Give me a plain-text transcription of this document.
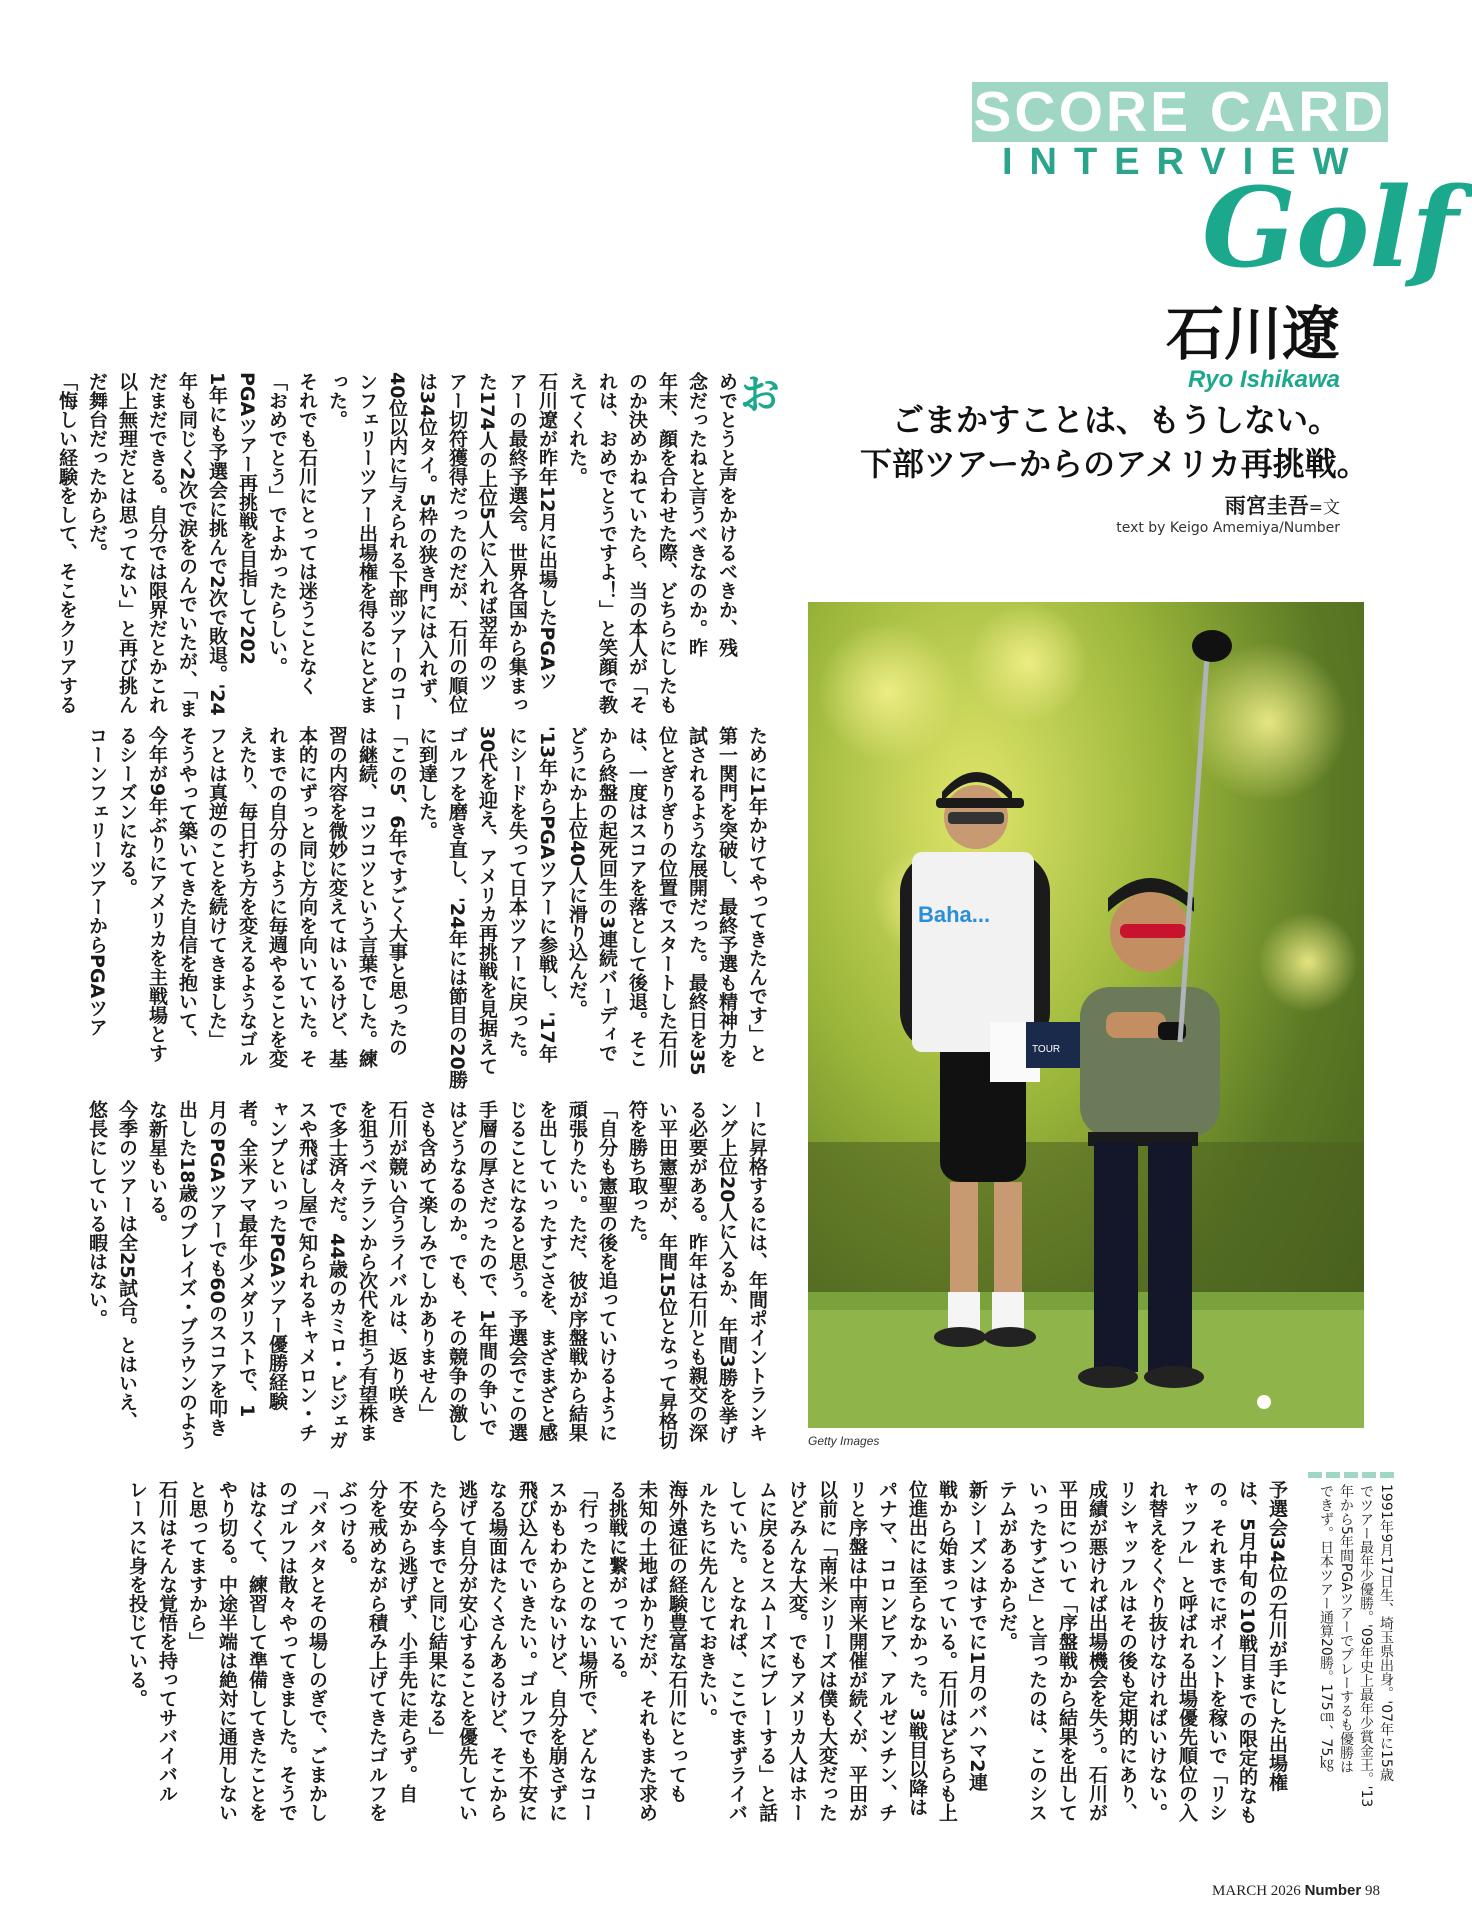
SCORE CARD
INTERVIEW
Golf
石川遼
Ryo Ishikawa
ごまかすことは、もうしない。
下部ツアーからのアメリカ再挑戦。
雨宮圭吾=文
text by Keigo Amemiya/Number
Baha...
TOUR
Getty Images

お

めでとうと声をかけるべきか、残

念だったねと言うべきなのか。昨

年末、顔を合わせた際、どちらにしたも

のか決めかねていたら、当の本人が「そ

れは、おめでとうですよ！」と笑顔で教

えてくれた。

石川遼が昨年12月に出場したPGAツ

アーの最終予選会。世界各国から集まっ

た174人の上位5人に入れば翌年のツ

アー切符獲得だったのだが、石川の順位

は34位タイ。5枠の狭き門には入れず、

40位以内に与えられる下部ツアーのコー

ンフェリーツアー出場権を得るにとどま

った。

それでも石川にとっては迷うことなく

「おめでとう」でよかったらしい。

PGAツアー再挑戦を目指して202

1年にも予選会に挑んで2次で敗退。'24

年も同じく2次で涙をのんでいたが、「ま

だまだできる。自分では限界だとかこれ

以上無理だとは思ってない」と再び挑ん

だ舞台だったからだ。

「悔しい経験をして、そこをクリアする

ために1年かけてやってきたんです」と

第一関門を突破し、最終予選も精神力を

試されるような展開だった。最終日を35

位とぎりぎりの位置でスタートした石川

は、一度はスコアを落として後退。そこ

から終盤の起死回生の3連続バーディで

どうにか上位40人に滑り込んだ。

'13年からPGAツアーに参戦し、'17年

にシードを失って日本ツアーに戻った。

30代を迎え、アメリカ再挑戦を見据えて

ゴルフを磨き直し、'24年には節目の20勝

に到達した。

「この5、6年ですごく大事と思ったの

は継続、コツコツという言葉でした。練

習の内容を微妙に変えてはいるけど、基

本的にずっと同じ方向を向いていた。そ

れまでの自分のように毎週やることを変

えたり、毎日打ち方を変えるようなゴル

フとは真逆のことを続けてきました」

そうやって築いてきた自信を抱いて、

今年が9年ぶりにアメリカを主戦場とす

るシーズンになる。

コーンフェリーツアーからPGAツア

ーに昇格するには、年間ポイントランキ

ング上位20人に入るか、年間3勝を挙げ

る必要がある。昨年は石川とも親交の深

い平田憲聖が、年間15位となって昇格切

符を勝ち取った。

「自分も憲聖の後を追っていけるように

頑張りたい。ただ、彼が序盤戦から結果

を出していったすごさを、まざまざと感

じることになると思う。予選会でこの選

手層の厚さだったので、1年間の争いで

はどうなるのか。でも、その競争の激し

さも含めて楽しみでしかありません」

石川が競い合うライバルは、返り咲き

を狙うベテランから次代を担う有望株ま

で多士済々だ。44歳のカミロ・ビジェガ

スや飛ばし屋で知られるキャメロン・チ

ャンプといったPGAツアー優勝経験

者。全米アマ最年少メダリストで、1

月のPGAツアーでも60のスコアを叩き

出した18歳のブレイズ・ブラウンのよう

な新星もいる。

今季のツアーは全25試合。とはいえ、

悠長にしている暇はない。

予選会34位の石川が手にした出場権

は、5月中旬の10戦目までの限定的なも

の。それまでにポイントを稼いで「リシ

ャッフル」と呼ばれる出場優先順位の入

れ替えをくぐり抜けなければいけない。

リシャッフルはその後も定期的にあり、

成績が悪ければ出場機会を失う。石川が

平田について「序盤戦から結果を出して

いったすごさ」と言ったのは、このシス

テムがあるからだ。

新シーズンはすでに1月のバハマ2連

戦から始まっている。石川はどちらも上

位進出には至らなかった。3戦目以降は

パナマ、コロンビア、アルゼンチン、チ

リと序盤は中南米開催が続くが、平田が

以前に「南米シリーズは僕も大変だった

けどみんな大変。でもアメリカ人はホー

ムに戻るとスムーズにプレーする」と話

していた。となれば、ここでまずライバ

ルたちに先んじておきたい。

海外遠征の経験豊富な石川にとっても

未知の土地ばかりだが、それもまた求め

る挑戦に繋がっている。

「行ったことのない場所で、どんなコー

スかもわからないけど、自分を崩さずに

飛び込んでいきたい。ゴルフでも不安に

なる場面はたくさんあるけど、そこから

逃げて自分が安心することを優先してい

たら今までと同じ結果になる」

不安から逃げず、小手先に走らず。自

分を戒めながら積み上げてきたゴルフを

ぶつける。

「バタバタとその場しのぎで、ごまかし

のゴルフは散々やってきました。そうで

はなくて、練習して準備してきたことを

やり切る。中途半端は絶対に通用しない

と思ってますから」

石川はそんな覚悟を持ってサバイバル

レースに身を投じている。	1991年9月17日生、埼玉県出身。'07年に15歳

でツアー最年少優勝。'09年史上最年少賞金王。'13

年から5年間PGAツアーでプレーするも優勝は

できず。日本ツアー通算20勝。175㎝、75㎏

MARCH 2026 Number 98
